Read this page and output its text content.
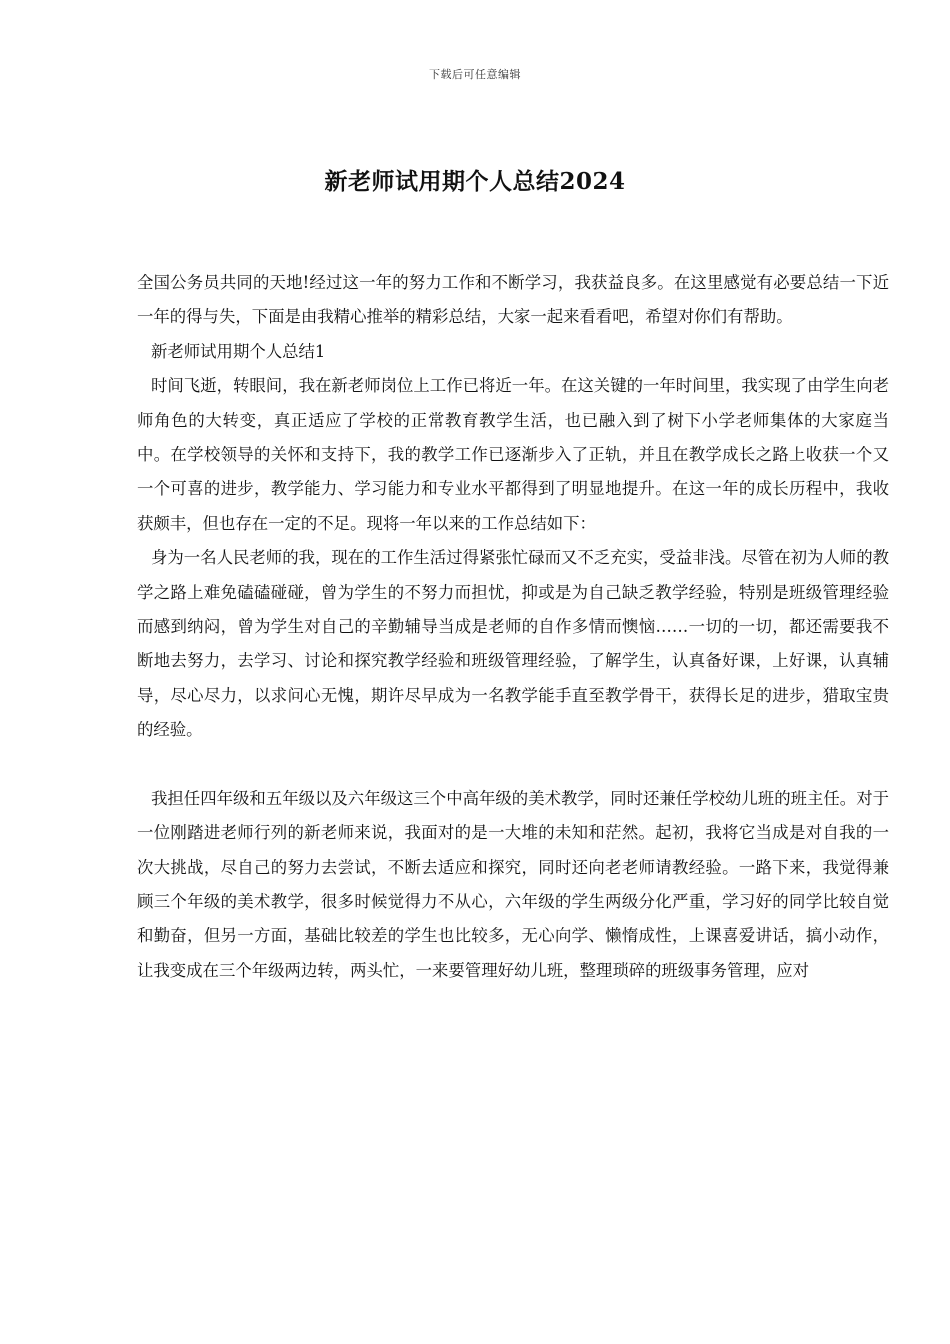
下载后可任意编辑
新老师试用期个人总结2024

全国公务员共同的天地!经过这一年的努力工作和不断学习，我获益良多。在这里感觉有必要总结一下近一年的得与失，下面是由我精心推举的精彩总结，大家一起来看看吧，希望对你们有帮助。

新老师试用期个人总结1

时间飞逝，转眼间，我在新老师岗位上工作已将近一年。在这关键的一年时间里，我实现了由学生向老师角色的大转变，真正适应了学校的正常教育教学生活，也已融入到了树下小学老师集体的大家庭当中。在学校领导的关怀和支持下，我的教学工作已逐渐步入了正轨，并且在教学成长之路上收获一个又一个可喜的进步，教学能力、学习能力和专业水平都得到了明显地提升。在这一年的成长历程中，我收获颇丰，但也存在一定的不足。现将一年以来的工作总结如下：

身为一名人民老师的我，现在的工作生活过得紧张忙碌而又不乏充实，受益非浅。尽管在初为人师的教学之路上难免磕磕碰碰，曾为学生的不努力而担忧，抑或是为自己缺乏教学经验，特别是班级管理经验而感到纳闷，曾为学生对自己的辛勤辅导当成是老师的自作多情而懊恼……一切的一切，都还需要我不断地去努力，去学习、讨论和探究教学经验和班级管理经验，了解学生，认真备好课，上好课，认真辅导，尽心尽力，以求问心无愧，期许尽早成为一名教学能手直至教学骨干，获得长足的进步，猎取宝贵的经验。

我担任四年级和五年级以及六年级这三个中高年级的美术教学，同时还兼任学校幼儿班的班主任。对于一位刚踏进老师行列的新老师来说，我面对的是一大堆的未知和茫然。起初，我将它当成是对自我的一次大挑战，尽自己的努力去尝试，不断去适应和探究，同时还向老老师请教经验。一路下来，我觉得兼顾三个年级的美术教学，很多时候觉得力不从心，六年级的学生两级分化严重，学习好的同学比较自觉和勤奋，但另一方面，基础比较差的学生也比较多，无心向学、懒惰成性，上课喜爱讲话，搞小动作，让我变成在三个年级两边转，两头忙，一来要管理好幼儿班，整理琐碎的班级事务管理，应对
